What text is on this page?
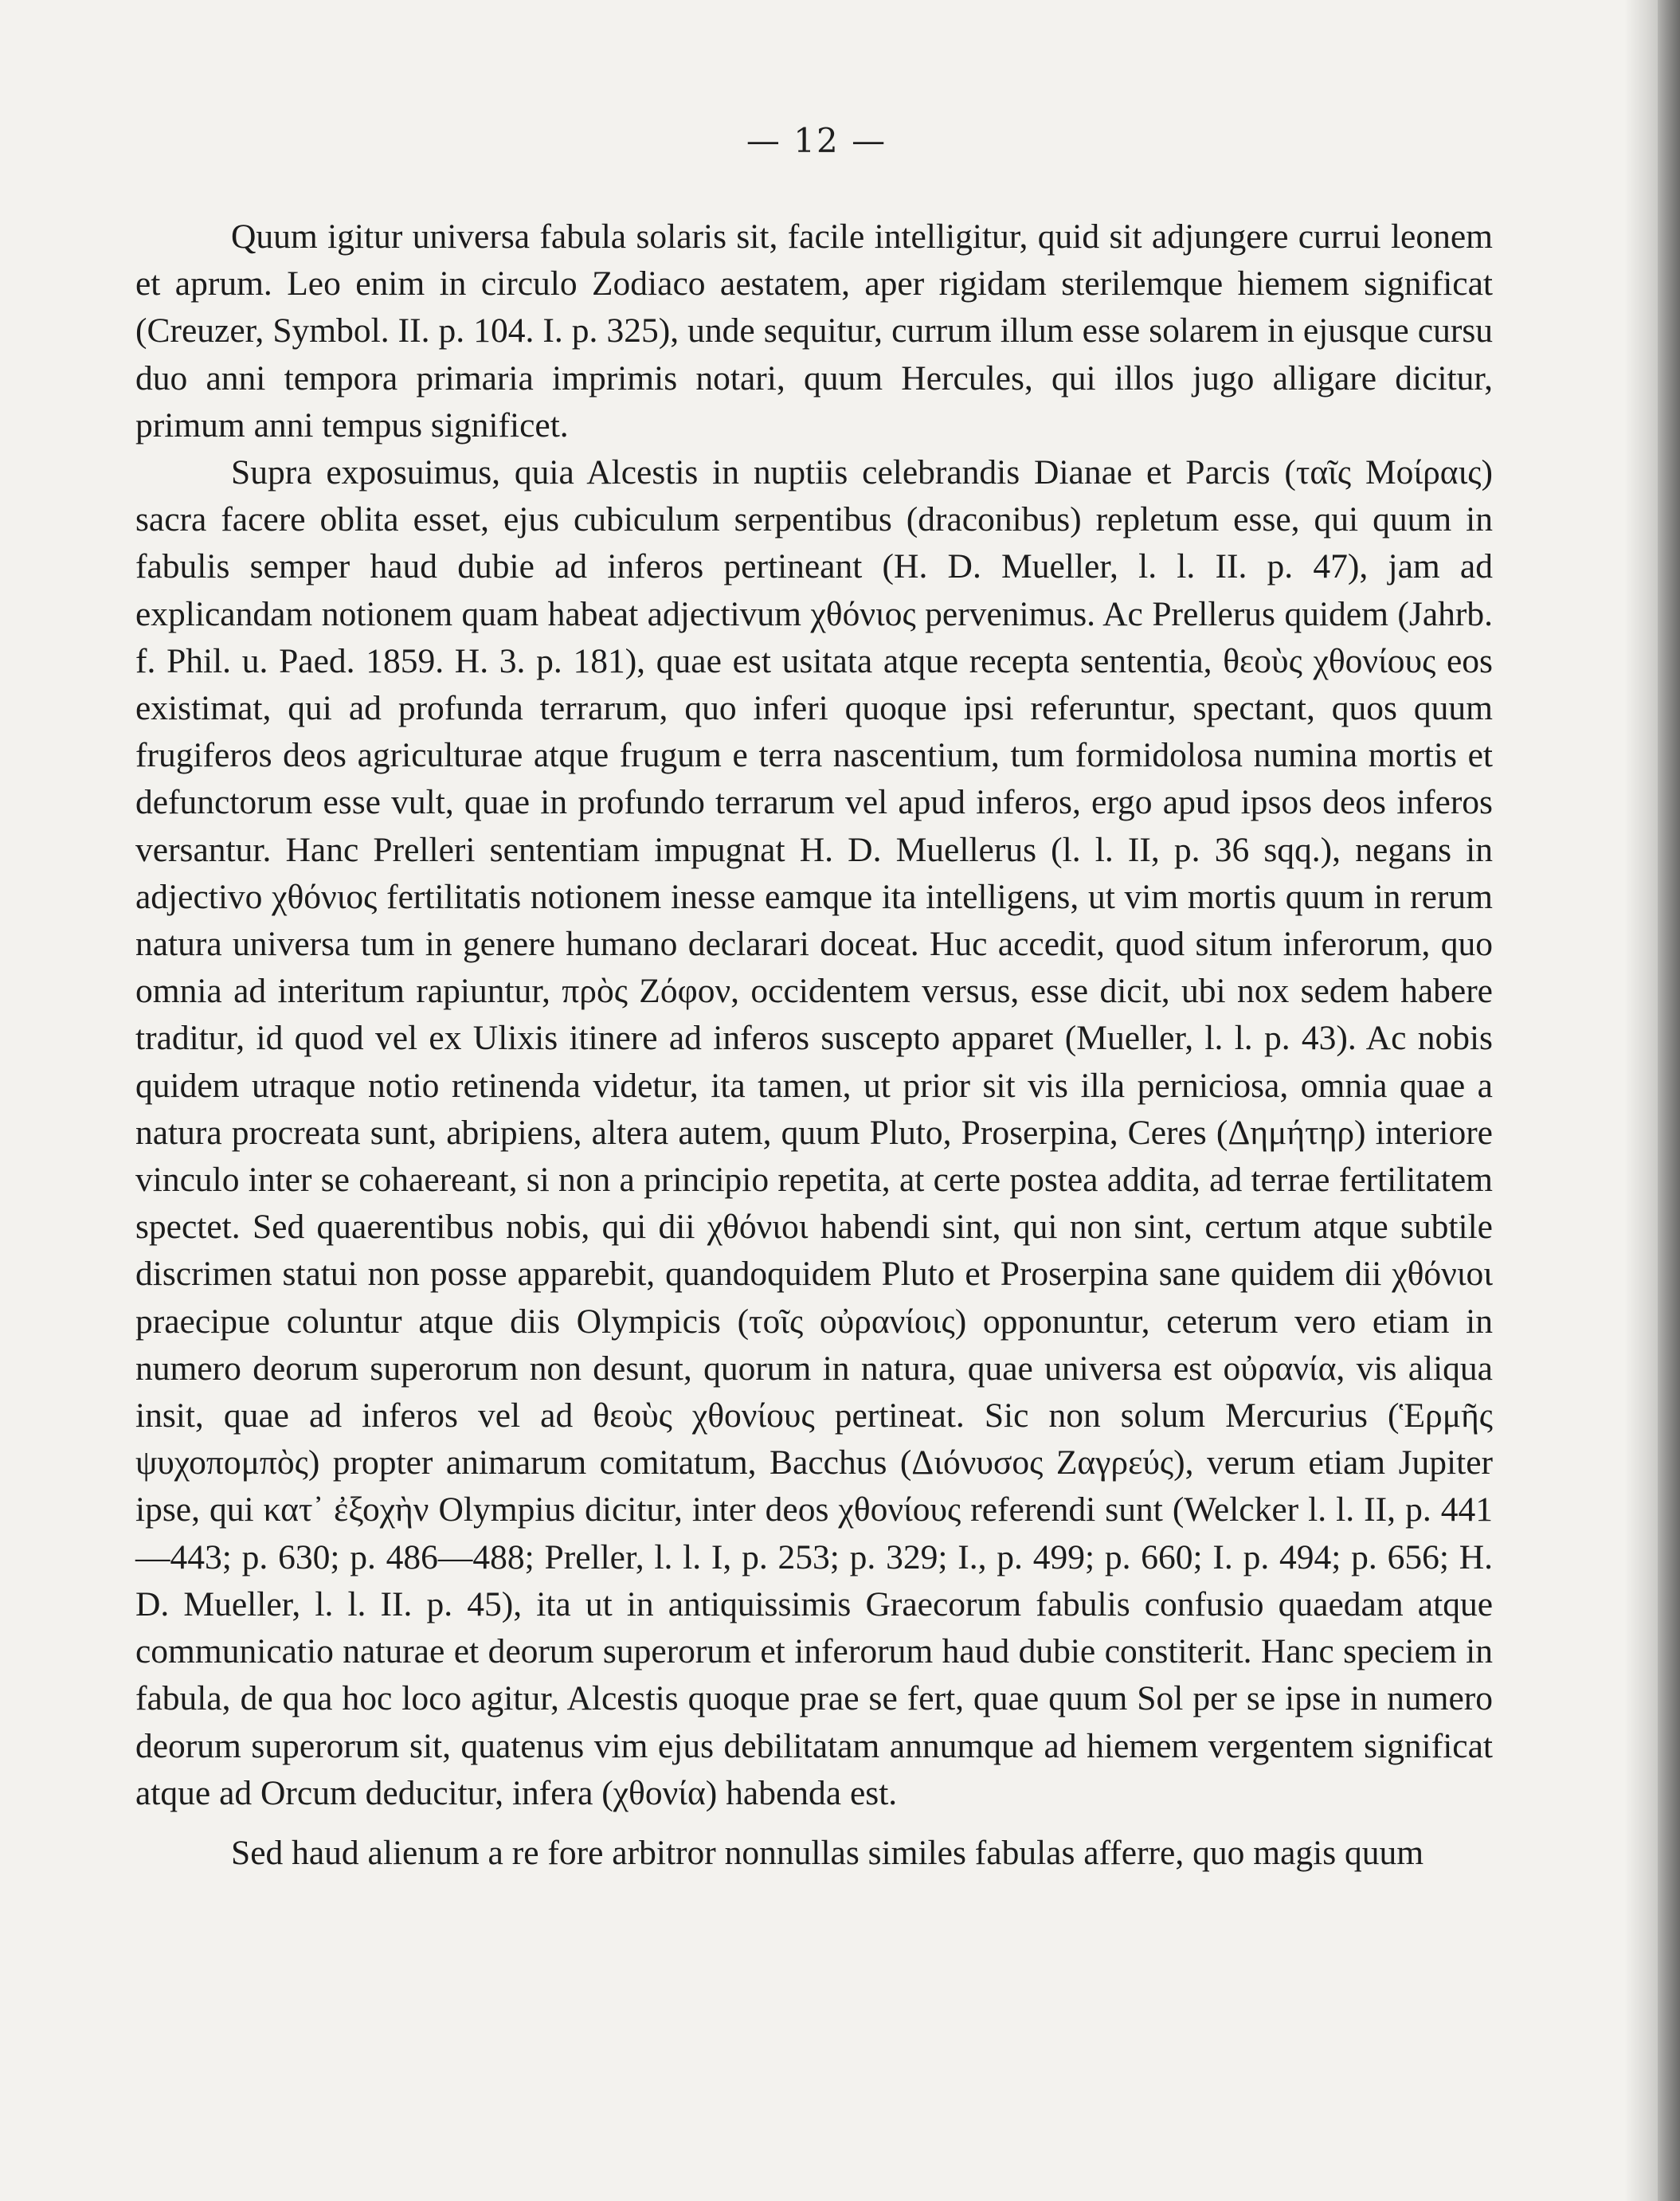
— 12 —

Quum igitur universa fabula solaris sit, facile intelligitur, quid sit adjungere currui leonem et aprum. Leo enim in circulo Zodiaco aestatem, aper rigidam sterilemque hiemem significat (Creuzer, Symbol. II. p. 104. I. p. 325), unde sequitur, currum illum esse solarem in ejusque cursu duo anni tempora primaria imprimis notari, quum Hercules, qui illos jugo alligare dicitur, primum anni tempus significet.

Supra exposuimus, quia Alcestis in nuptiis celebrandis Dianae et Parcis (ταῖς Μοίραις) sacra facere oblita esset, ejus cubiculum serpentibus (draconibus) repletum esse, qui quum in fabulis semper haud dubie ad inferos pertineant (H. D. Mueller, l. l. II. p. 47), jam ad explicandam notionem quam habeat adjectivum χθόνιος pervenimus. Ac Prellerus quidem (Jahrb. f. Phil. u. Paed. 1859. H. 3. p. 181), quae est usitata atque recepta sententia, θεοὺς χθονίους eos existimat, qui ad profunda terrarum, quo inferi quoque ipsi referuntur, spectant, quos quum frugiferos deos agriculturae atque frugum e terra nascentium, tum formidolosa numina mortis et defunctorum esse vult, quae in profundo terrarum vel apud inferos, ergo apud ipsos deos inferos versantur. Hanc Prelleri sententiam impugnat H. D. Muellerus (l. l. II, p. 36 sqq.), negans in adjectivo χθόνιος fertilitatis notionem inesse eamque ita intelligens, ut vim mortis quum in rerum natura universa tum in genere humano declarari doceat. Huc accedit, quod situm inferorum, quo omnia ad interitum rapiuntur, πρὸς Ζόφον, occidentem versus, esse dicit, ubi nox sedem habere traditur, id quod vel ex Ulixis itinere ad inferos suscepto apparet (Mueller, l. l. p. 43). Ac nobis quidem utraque notio retinenda videtur, ita tamen, ut prior sit vis illa perniciosa, omnia quae a natura procreata sunt, abripiens, altera autem, quum Pluto, Proserpina, Ceres (Δημήτηρ) interiore vinculo inter se cohaereant, si non a principio repetita, at certe postea addita, ad terrae fertilitatem spectet. Sed quaerentibus nobis, qui dii χθόνιοι habendi sint, qui non sint, certum atque subtile discrimen statui non posse apparebit, quandoquidem Pluto et Proserpina sane quidem dii χθόνιοι praecipue coluntur atque diis Olympicis (τοῖς οὐρανίοις) opponuntur, ceterum vero etiam in numero deorum superorum non desunt, quorum in natura, quae universa est οὐρανία, vis aliqua insit, quae ad inferos vel ad θεοὺς χθονίους pertineat. Sic non solum Mercurius (Ἑρμῆς ψυχοπομπὸς) propter animarum comitatum, Bacchus (Διόνυσος Ζαγρεύς), verum etiam Jupiter ipse, qui κατ᾽ ἐξοχὴν Olympius dicitur, inter deos χθονίους referendi sunt (Welcker l. l. II, p. 441—443; p. 630; p. 486—488; Preller, l. l. I, p. 253; p. 329; I., p. 499; p. 660; I. p. 494; p. 656; H. D. Mueller, l. l. II. p. 45), ita ut in antiquissimis Graecorum fabulis confusio quaedam atque communicatio naturae et deorum superorum et inferorum haud dubie constiterit. Hanc speciem in fabula, de qua hoc loco agitur, Alcestis quoque prae se fert, quae quum Sol per se ipse in numero deorum superorum sit, quatenus vim ejus debilitatam annumque ad hiemem vergentem significat atque ad Orcum deducitur, infera (χθονία) habenda est.

Sed haud alienum a re fore arbitror nonnullas similes fabulas afferre, quo magis quum
